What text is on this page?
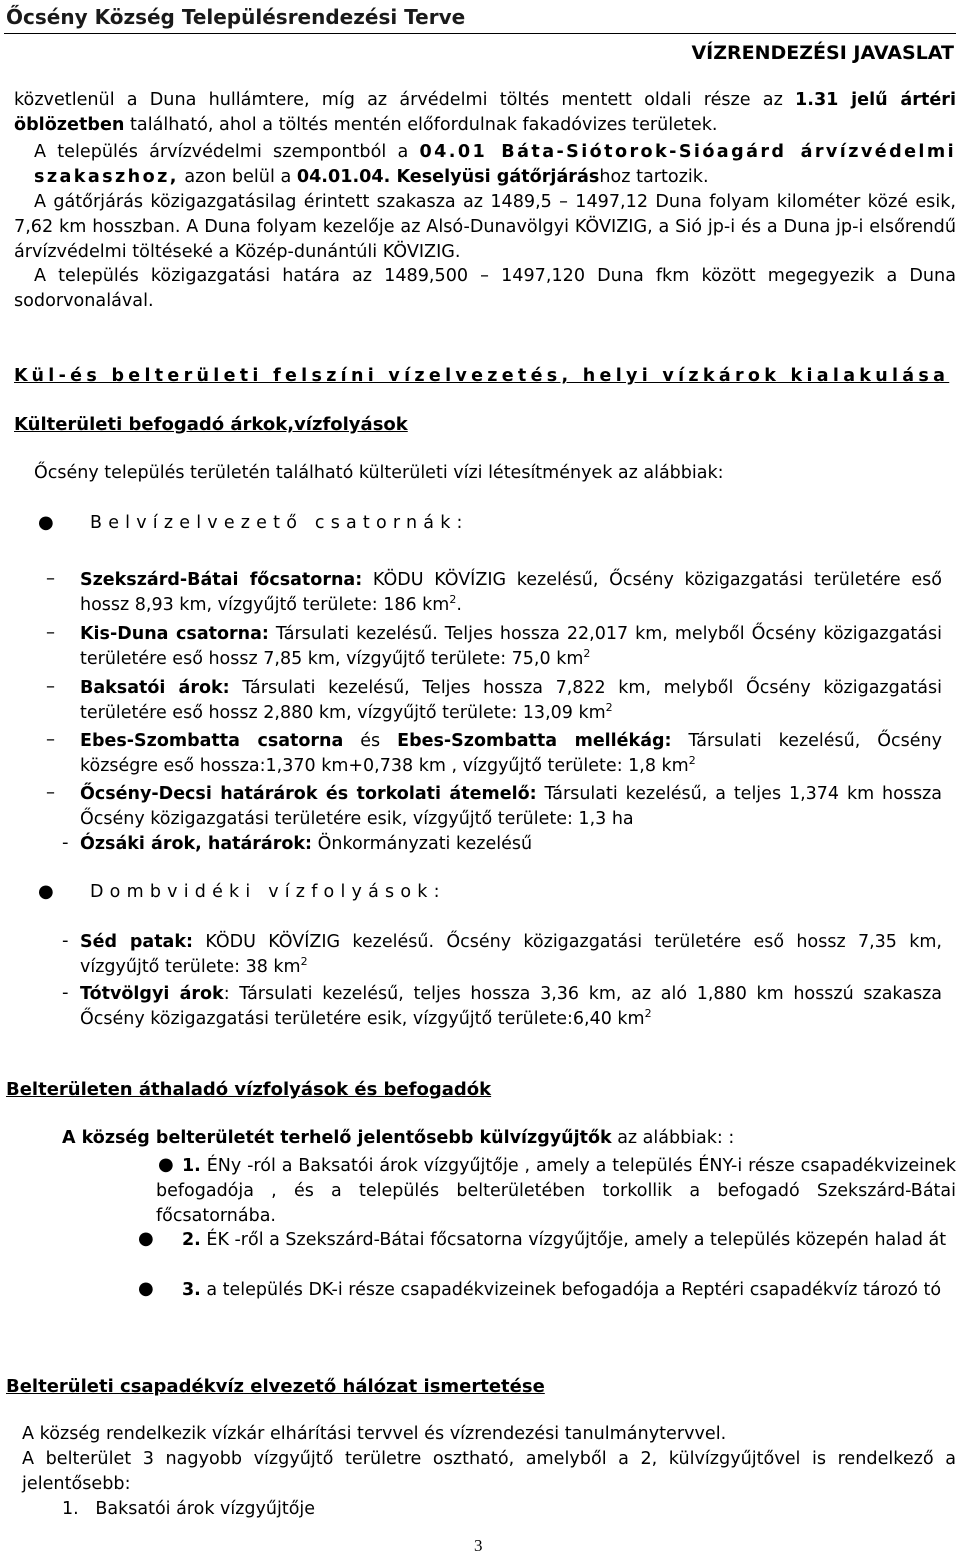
Őcsény Község Településrendezési Terve
VÍZRENDEZÉSI JAVASLAT
közvetlenül a Duna hullámtere, míg az árvédelmi töltés mentett oldali része az 1.31 jelű ártéri öblözetben található, ahol a töltés mentén előfordulnak fakadóvizes területek.
A település árvízvédelmi szempontból a 04.01 Báta-Siótorok-Sióagárd árvízvédelmi szakaszhoz, azon belül a 04.01.04. Keselyüsi gátőrjáráshoz tartozik.
A gátőrjárás közigazgatásilag érintett szakasza az 1489,5 – 1497,12 Duna folyam kilométer közé esik, 7,62 km hosszban. A Duna folyam kezelője az Alsó-Dunavölgyi KÖVIZIG, a Sió jp-i és a Duna jp-i elsőrendű árvízvédelmi töltéseké a Közép-dunántúli KÖVIZIG.
A település közigazgatási határa az 1489,500 – 1497,120 Duna fkm között megegyezik a Duna sodorvonalával.
Kül-és belterületi felszíni vízelvezetés, helyi vízkárok kialakulása
Külterületi befogadó árkok,vízfolyások
Őcsény település területén található külterületi vízi létesítmények az alábbiak:
● Belvízelvezető csatornák:
– Szekszárd-Bátai főcsatorna: KÖDU KÖVÍZIG kezelésű, Őcsény közigazgatási területére eső hossz 8,93 km, vízgyűjtő területe: 186 $km^2$.
– Kis-Duna csatorna: Társulati kezelésű. Teljes hossza 22,017 km, melyből Őcsény közigazgatási területére eső hossz 7,85 km, vízgyűjtő területe: 75,0 $km^2$
– Baksatói árok: Társulati kezelésű, Teljes hossza 7,822 km, melyből Őcsény közigazgatási területére eső hossz 2,880 km, vízgyűjtő területe: 13,09 $km^2$
– Ebes-Szombatta csatorna és Ebes-Szombatta mellékág: Társulati kezelésű, Őcsény községre eső hossza:1,370 km+0,738 km , vízgyűjtő területe: 1,8 $km^2$
– Őcsény-Decsi határárok és torkolati átemelő: Társulati kezelésű, a teljes 1,374 km hossza Őcsény közigazgatási területére esik, vízgyűjtő területe: 1,3 ha
- Ózsáki árok, határárok: Önkormányzati kezelésű
● Dombvidéki vízfolyások:
- Séd patak: KÖDU KÖVÍZIG kezelésű. Őcsény közigazgatási területére eső hossz 7,35 km, vízgyűjtő területe: 38 $km^2$
- Tótvölgyi árok: Társulati kezelésű, teljes hossza 3,36 km, az aló 1,880 km hosszú szakasza Őcsény közigazgatási területére esik, vízgyűjtő területe:6,40 $km^2$
Belterületen áthaladó vízfolyások és befogadók
A község belterületét terhelő jelentősebb külvízgyűjtők az alábbiak: :
● 1. ÉNy -ról a Baksatói árok vízgyűjtője , amely a település ÉNY-i része csapadékvizeinek befogadója , és a település belterületében torkollik a befogadó Szekszárd-Bátai főcsatornába.
●	2. ÉK -ről a Szekszárd-Bátai főcsatorna vízgyűjtője, amely a település közepén halad át
●	3. a település DK-i része csapadékvizeinek befogadója a Reptéri csapadékvíz tározó tó
Belterületi csapadékvíz elvezető hálózat ismertetése
A község rendelkezik vízkár elhárítási tervvel és vízrendezési tanulmánytervvel.
A belterület 3 nagyobb vízgyűjtő területre osztható, amelyből a 2, külvízgyűjtővel is rendelkező a jelentősebb:
1.   Baksatói árok vízgyűjtője
3
